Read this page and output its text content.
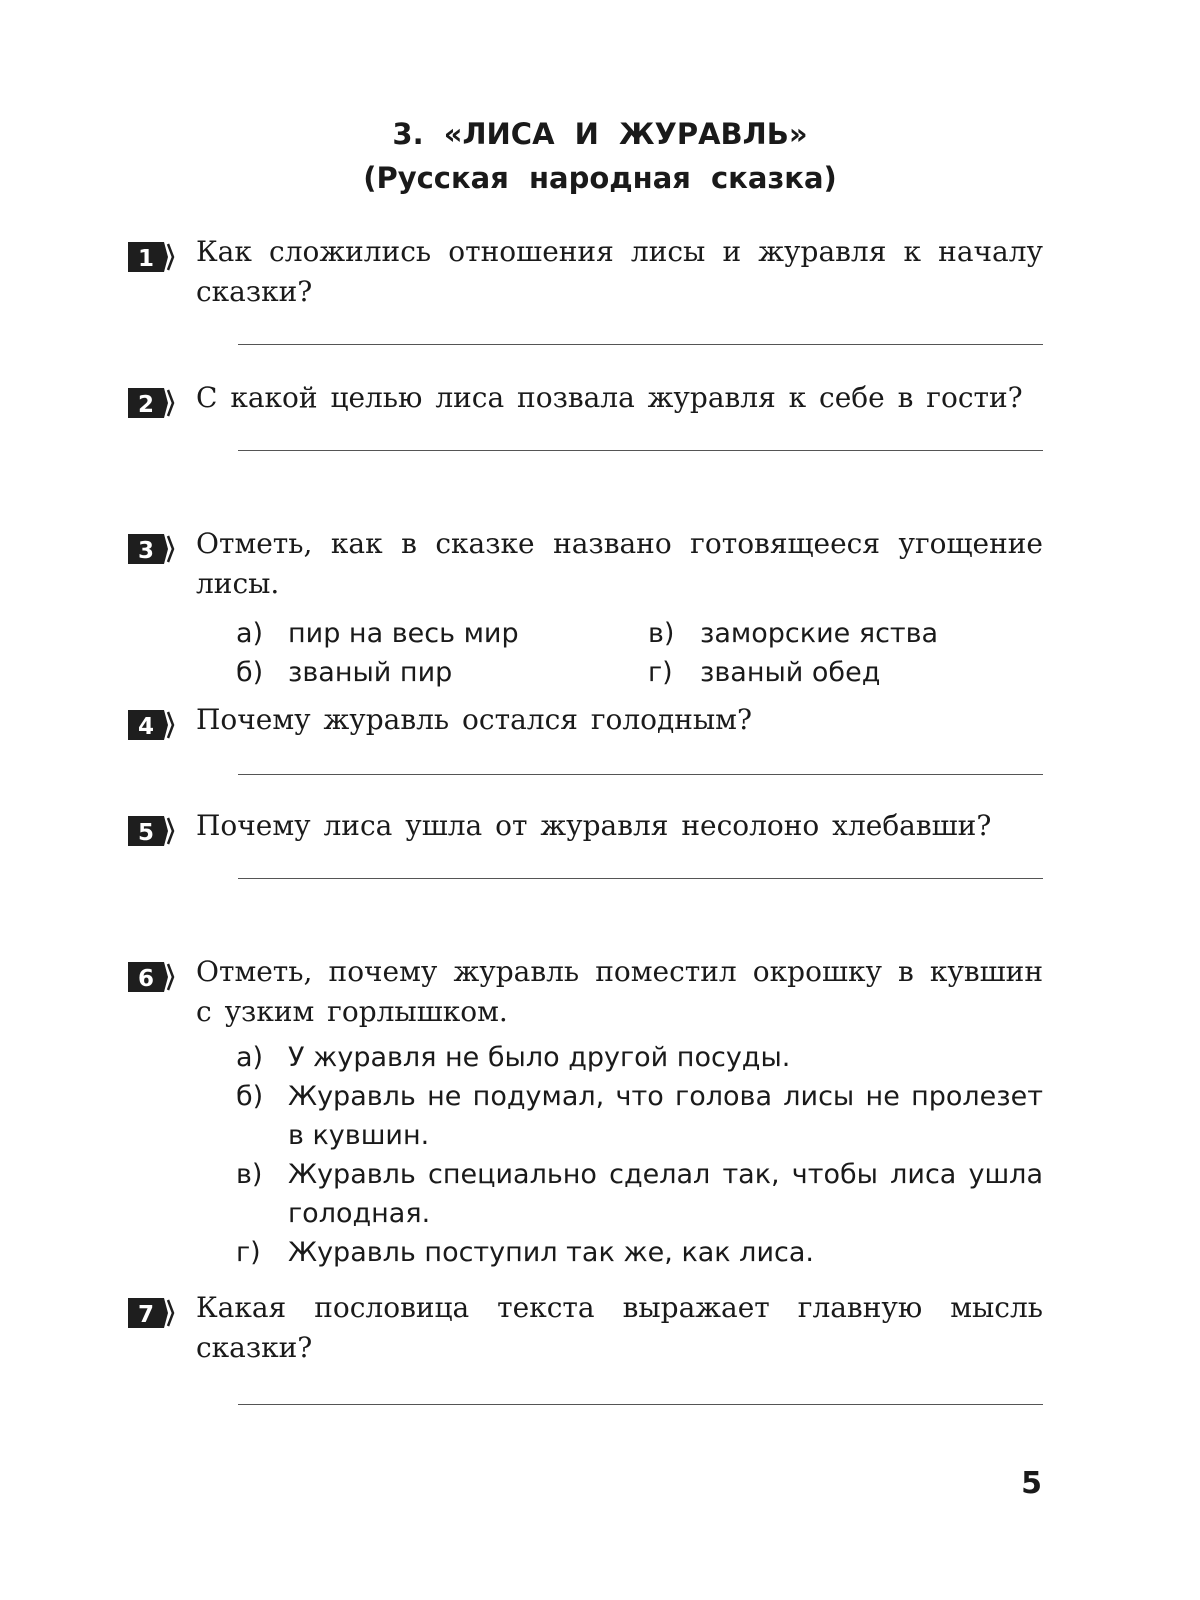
3. «ЛИСА И ЖУРАВЛЬ»
(Русская народная сказка)
1 Как сложились отношения лисы и журавля к началу сказки?
2 С какой целью лиса позвала журавля к себе в гости?
3 Отметь, как в сказке названо готовящееся угощение лисы.
а) пир на весь мир	в) заморские яства
б) званый пир	г)	званый обед
4 Почему журавль остался голодным?
5 Почему лиса ушла от журавля несолоно хлебавши?
6 Отметь, почему журавль поместил окрошку в кувшин с узким горлышком.
а) У журавля не было другой посуды.
б) Журавль не подумал, что голова лисы не пролезет в кувшин.
в) Журавль специально сделал так, чтобы лиса ушла голодная.
г)	Журавль поступил так же, как лиса.
7 Какая пословица текста выражает главную мысль сказки?
5
